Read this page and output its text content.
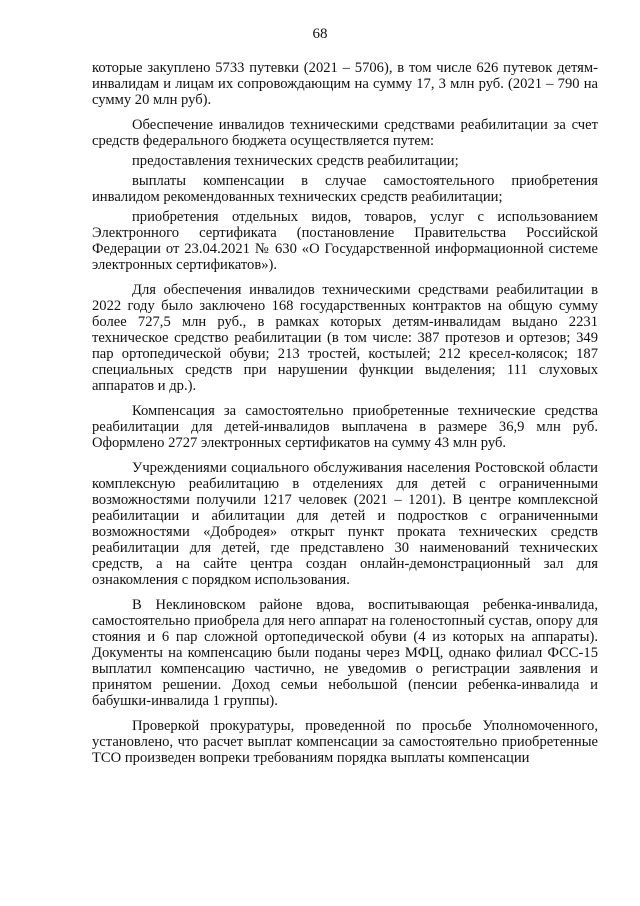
68

которые закуплено 5733 путевки (2021 – 5706), в том числе 626 путевок детям-инвалидам и лицам их сопровождающим на сумму 17, 3 млн руб. (2021 – 790 на сумму 20 млн руб).

Обеспечение инвалидов техническими средствами реабилитации за счет средств федерального бюджета осуществляется путем:

предоставления технических средств реабилитации;

выплаты компенсации в случае самостоятельного приобретения инвалидом рекомендованных технических средств реабилитации;

приобретения отдельных видов, товаров, услуг с использованием Электронного сертификата (постановление Правительства Российской Федерации от 23.04.2021 № 630 «О Государственной информационной системе электронных сертификатов»).

Для обеспечения инвалидов техническими средствами реабилитации в 2022 году было заключено 168 государственных контрактов на общую сумму более 727,5 млн руб., в рамках которых детям-инвалидам выдано 2231 техническое средство реабилитации (в том числе: 387 протезов и ортезов; 349 пар ортопедической обуви; 213 тростей, костылей; 212 кресел-колясок; 187 специальных средств при нарушении функции выделения; 111 слуховых аппаратов и др.).

Компенсация за самостоятельно приобретенные технические средства реабилитации для детей-инвалидов выплачена в размере 36,9 млн руб. Оформлено 2727 электронных сертификатов на сумму 43 млн руб.

Учреждениями социального обслуживания населения Ростовской области комплексную реабилитацию в отделениях для детей с ограниченными возможностями получили 1217 человек (2021 – 1201). В центре комплексной реабилитации и абилитации для детей и подростков с ограниченными возможностями «Добродея» открыт пункт проката технических средств реабилитации для детей, где представлено 30 наименований технических средств, а на сайте центра создан онлайн-демонстрационный зал для ознакомления с порядком использования.

В Неклиновском районе вдова, воспитывающая ребенка-инвалида, самостоятельно приобрела для него аппарат на голеностопный сустав, опору для стояния и 6 пар сложной ортопедической обуви (4 из которых на аппараты). Документы на компенсацию были поданы через МФЦ, однако филиал ФСС-15 выплатил компенсацию частично, не уведомив о регистрации заявления и принятом решении. Доход семьи небольшой (пенсии ребенка-инвалида и бабушки-инвалида 1 группы).

Проверкой прокуратуры, проведенной по просьбе Уполномоченного, установлено, что расчет выплат компенсации за самостоятельно приобретенные ТСО произведен вопреки требованиям порядка выплаты компенсации
